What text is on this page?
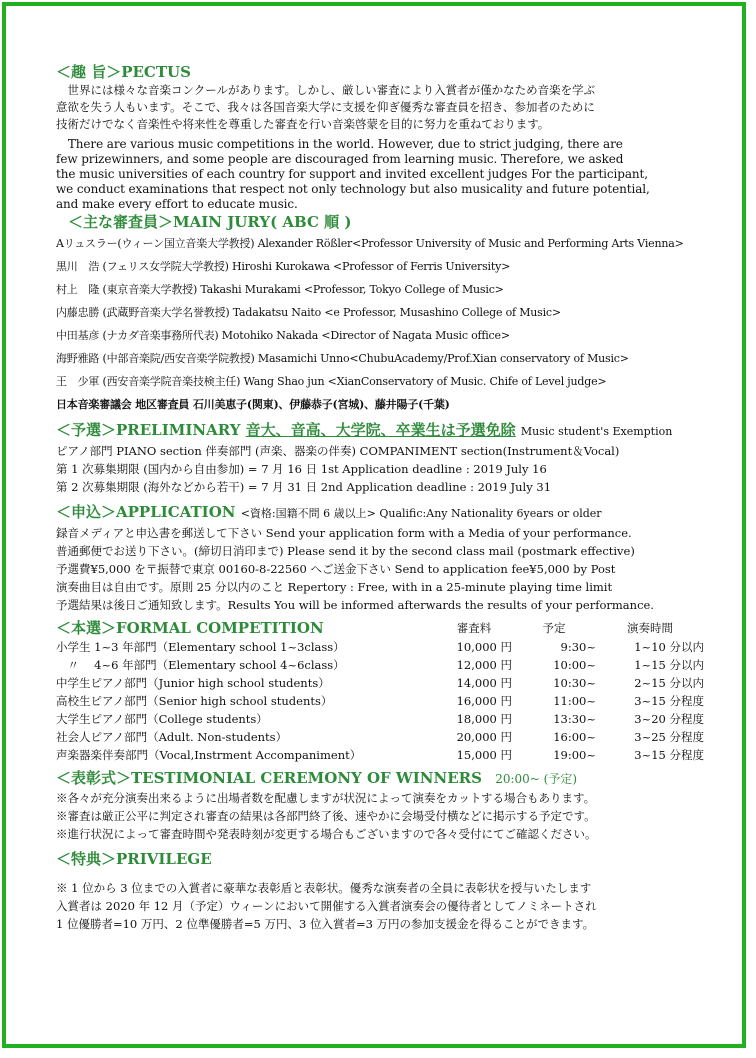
＜趣 旨＞PECTUS
　世界には様々な音楽コンクールがあります。しかし、厳しい審査により入賞者が僅かなため音楽を学ぶ
意欲を失う人もいます。そこで、我々は各国音楽大学に支援を仰ぎ優秀な審査員を招き、参加者のために
技術だけでなく音楽性や将来性を尊重した審査を行い音楽啓蒙を目的に努力を重ねております。
　There are various music competitions in the world. However, due to strict judging, there are
few prizewinners, and some people are discouraged from learning music. Therefore, we asked
the music universities of each country for support and invited excellent judges For the participant,
we conduct examinations that respect not only technology but also musicality and future potential,
and make every effort to educate music.
＜主な審査員＞MAIN JURY( ABC 順 )
Aリュスラー(ウィーン国立音楽大学教授) Alexander Rößler<Professor University of Music and Performing Arts Vienna>
黒川　浩 (フェリス女学院大学教授) Hiroshi Kurokawa <Professor of Ferris University>
村上　隆 (東京音楽大学教授) Takashi Murakami <Professor, Tokyo College of Music>
内藤忠勝 (武蔵野音楽大学名誉教授) Tadakatsu Naito <e Professor, Musashino College of Music>
中田基彦 (ナカダ音楽事務所代表) Motohiko Nakada <Director of Nagata Music office>
海野雅路 (中部音楽院/西安音楽学院教授) Masamichi Unno<ChubuAcademy/Prof.Xian conservatory of Music>
王　少軍 (西安音楽学院音楽技検主任) Wang Shao jun <XianConservatory of Music. Chife of Level judge>
日本音楽審議会 地区審査員 石川美恵子(関東)、伊藤恭子(宮城)、藤井陽子(千葉)
＜予選＞PRELIMINARY 音大、音高、大学院、卒業生は予選免除 Music student's Exemption
ピアノ部門 PIANO section 伴奏部門 (声楽、器楽の伴奏) COMPANIMENT section(Instrument＆Vocal)
第 1 次募集期限 (国内から自由参加) = 7 月 16 日 1st Application deadline : 2019 July 16
第 2 次募集期限 (海外などから若干) = 7 月 31 日 2nd Application deadline : 2019 July 31
＜申込＞APPLICATION <資格:国籍不問 6 歳以上> Qualific:Any Nationality 6years or older
録音メディアと申込書を郵送して下さい Send your application form with a Media of your performance.
普通郵便でお送り下さい。(締切日消印まで) Please send it by the second class mail (postmark effective)
予選費¥5,000 を〒振替で東京 00160-8-22560 へご送金下さい Send to application fee¥5,000 by Post
演奏曲目は自由です。原則 25 分以内のこと Repertory : Free, with in a 25-minute playing time limit
予選結果は後日ご通知致します。Results You will be informed afterwards the results of your performance.
＜本選＞FORMAL COMPETITION	審査料	予定	演奏時間
小学生 1~3 年部門（Elementary school 1~3class）	10,000 円	9:30~	1~10 分以内
　〃　 4~6 年部門（Elementary school 4~6class）	12,000 円	10:00~	1~15 分以内
中学生ピアノ部門（Junior high school students）	14,000 円	10:30~	2~15 分以内
高校生ピアノ部門（Senior high school students）	16,000 円	11:00~	3~15 分程度
大学生ピアノ部門（College students）	18,000 円	13:30~	3~20 分程度
社会人ピアノ部門（Adult. Non-students）	20,000 円	16:00~	3~25 分程度
声楽器楽伴奏部門（Vocal,Instrment Accompaniment）	15,000 円	19:00~	3~15 分程度
＜表彰式＞TESTIMONIAL CEREMONY OF WINNERS 20:00~ (予定)
※各々が充分演奏出来るように出場者数を配慮しますが状況によって演奏をカットする場合もあります。
※審査は厳正公平に判定され審査の結果は各部門終了後、速やかに会場受付横などに掲示する予定です。
※進行状況によって審査時間や発表時刻が変更する場合もございますので各々受付にてご確認ください。
＜特典＞PRIVILEGE
※ 1 位から 3 位までの入賞者に豪華な表彰盾と表彰状。優秀な演奏者の全員に表彰状を授与いたします
入賞者は 2020 年 12 月（予定）ウィーンにおいて開催する入賞者演奏会の優待者としてノミネートされ
1 位優勝者=10 万円、2 位準優勝者=5 万円、3 位入賞者=3 万円の参加支援金を得ることができます。
